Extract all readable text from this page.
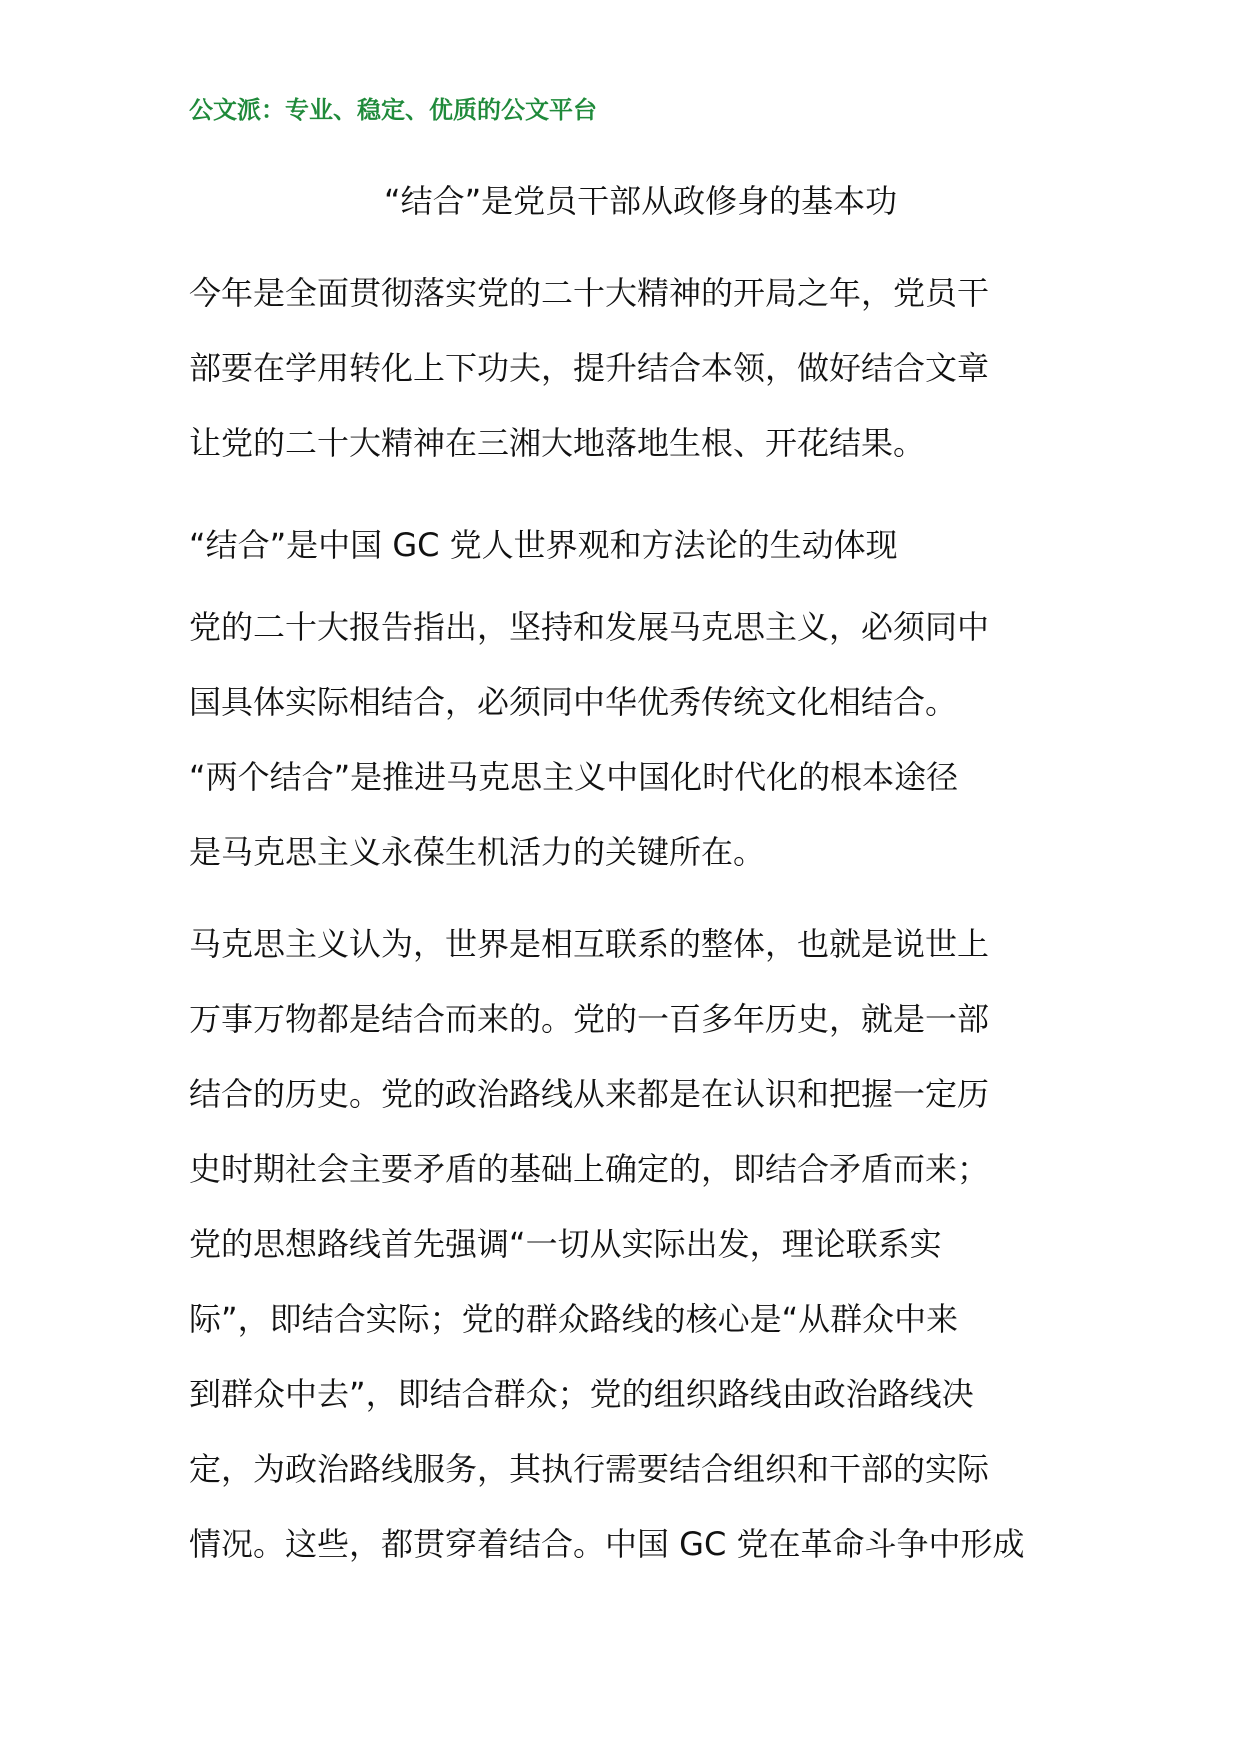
公文派：专业、稳定、优质的公文平台
“结合”是党员干部从政修身的基本功
今年是全面贯彻落实党的二十大精神的开局之年，党员干
部要在学用转化上下功夫，提升结合本领，做好结合文章
让党的二十大精神在三湘大地落地生根、开花结果。
“结合”是中国 GC 党人世界观和方法论的生动体现
党的二十大报告指出，坚持和发展马克思主义，必须同中
国具体实际相结合，必须同中华优秀传统文化相结合。
“两个结合”是推进马克思主义中国化时代化的根本途径
是马克思主义永葆生机活力的关键所在。
马克思主义认为，世界是相互联系的整体，也就是说世上
万事万物都是结合而来的。党的一百多年历史，就是一部
结合的历史。党的政治路线从来都是在认识和把握一定历
史时期社会主要矛盾的基础上确定的，即结合矛盾而来；
党的思想路线首先强调“一切从实际出发，理论联系实
际”，即结合实际；党的群众路线的核心是“从群众中来
到群众中去”，即结合群众；党的组织路线由政治路线决
定，为政治路线服务，其执行需要结合组织和干部的实际
情况。这些，都贯穿着结合。中国 GC 党在革命斗争中形成
